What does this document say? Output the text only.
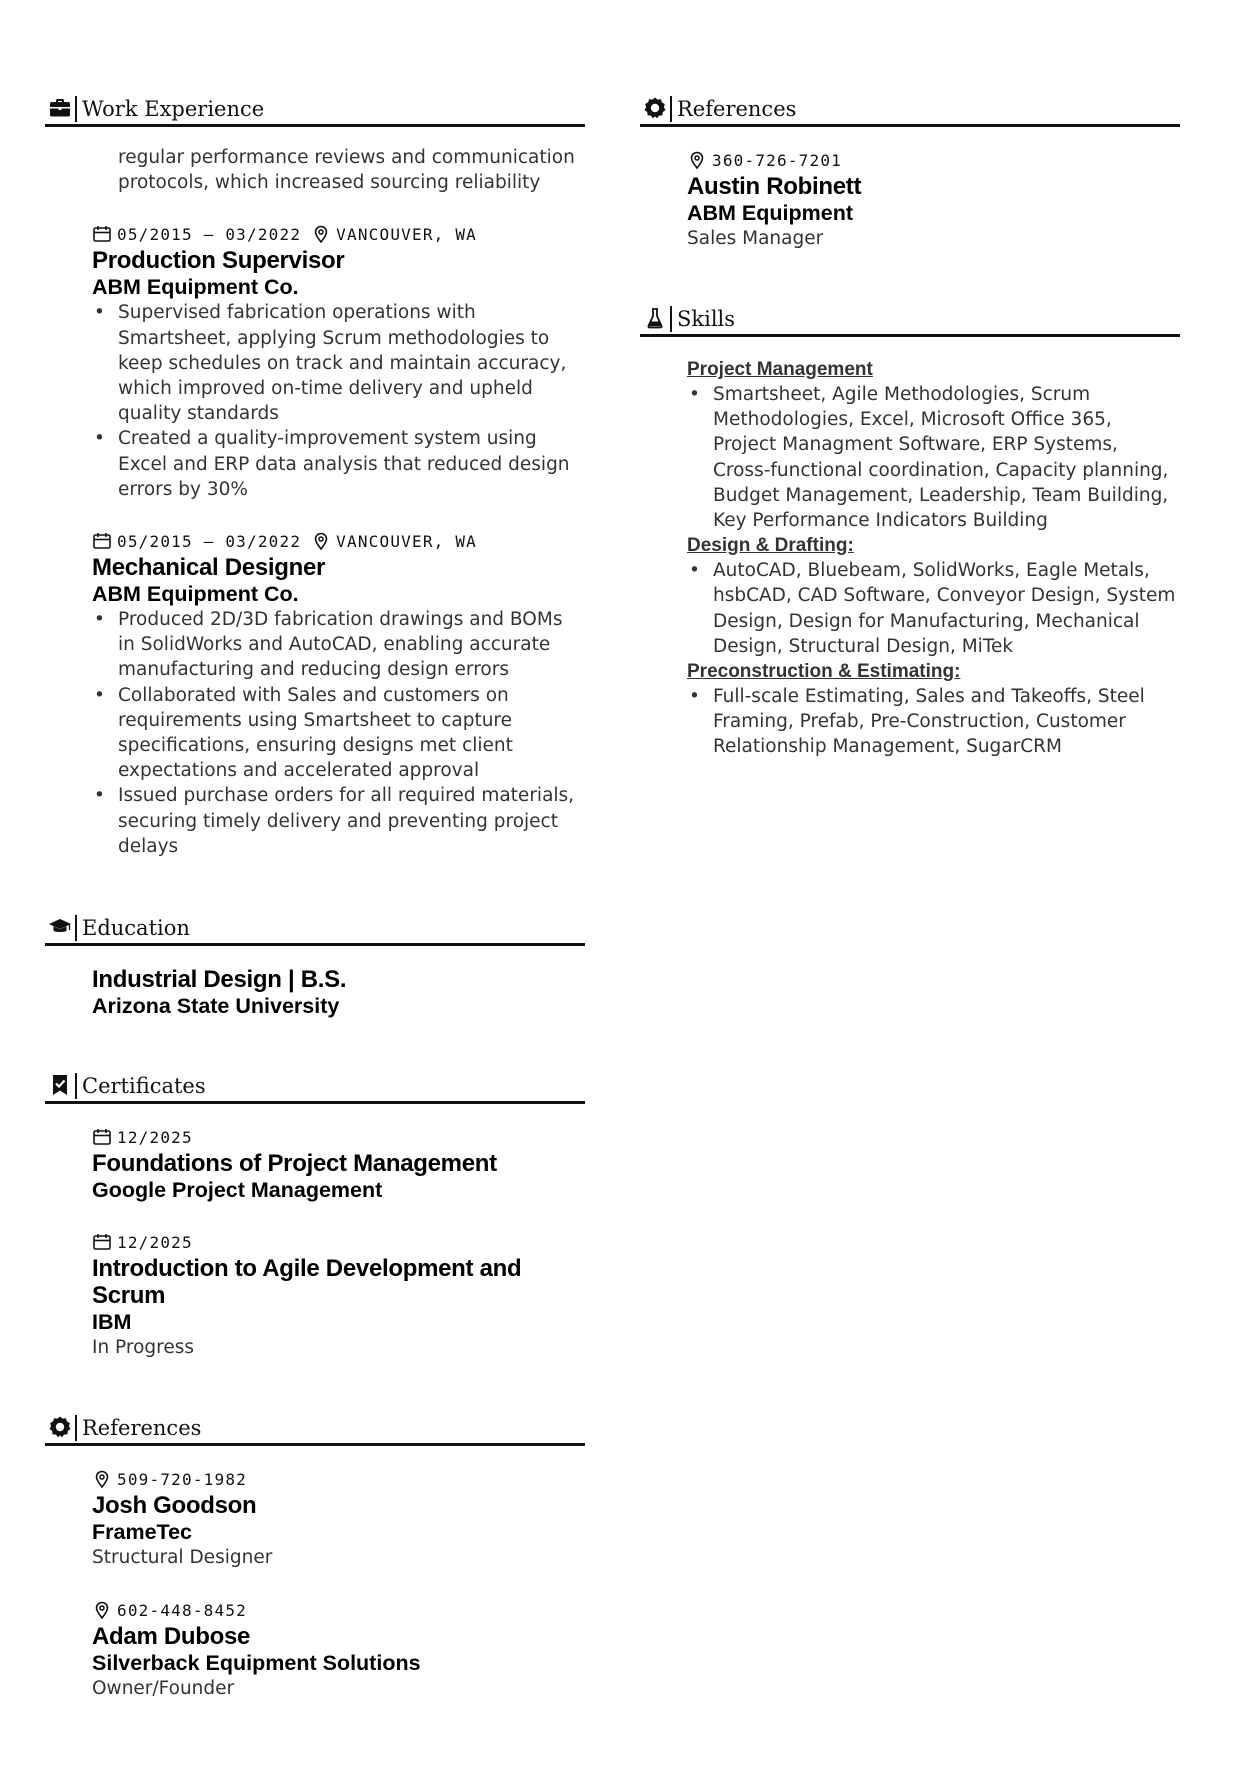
Work Experience
regular performance reviews and communication protocols, which increased sourcing reliability
05/2015 – 03/2022 VANCOUVER, WA
Production Supervisor
ABM Equipment Co.
• Supervised fabrication operations with Smartsheet, applying Scrum methodologies to keep schedules on track and maintain accuracy, which improved on-time delivery and upheld quality standards
• Created a quality-improvement system using Excel and ERP data analysis that reduced design errors by 30%
05/2015 – 03/2022 VANCOUVER, WA
Mechanical Designer
ABM Equipment Co.
• Produced 2D/3D fabrication drawings and BOMs in SolidWorks and AutoCAD, enabling accurate manufacturing and reducing design errors
• Collaborated with Sales and customers on requirements using Smartsheet to capture specifications, ensuring designs met client expectations and accelerated approval
• Issued purchase orders for all required materials, securing timely delivery and preventing project delays
Education
Industrial Design | B.S.
Arizona State University
Certificates
12/2025
Foundations of Project Management
Google Project Management
12/2025
Introduction to Agile Development and Scrum
IBM
In Progress
References
509-720-1982
Josh Goodson
FrameTec
Structural Designer
602-448-8452
Adam Dubose
Silverback Equipment Solutions
Owner/Founder
References
360-726-7201
Austin Robinett
ABM Equipment
Sales Manager
Skills
Project Management
• Smartsheet, Agile Methodologies, Scrum Methodologies, Excel, Microsoft Office 365, Project Managment Software, ERP Systems, Cross-functional coordination, Capacity planning, Budget Management, Leadership, Team Building, Key Performance Indicators Building
Design & Drafting:
• AutoCAD, Bluebeam, SolidWorks, Eagle Metals, hsbCAD, CAD Software, Conveyor Design, System Design, Design for Manufacturing, Mechanical Design, Structural Design, MiTek
Preconstruction & Estimating:
• Full-scale Estimating, Sales and Takeoffs, Steel Framing, Prefab, Pre-Construction, Customer Relationship Management, SugarCRM
